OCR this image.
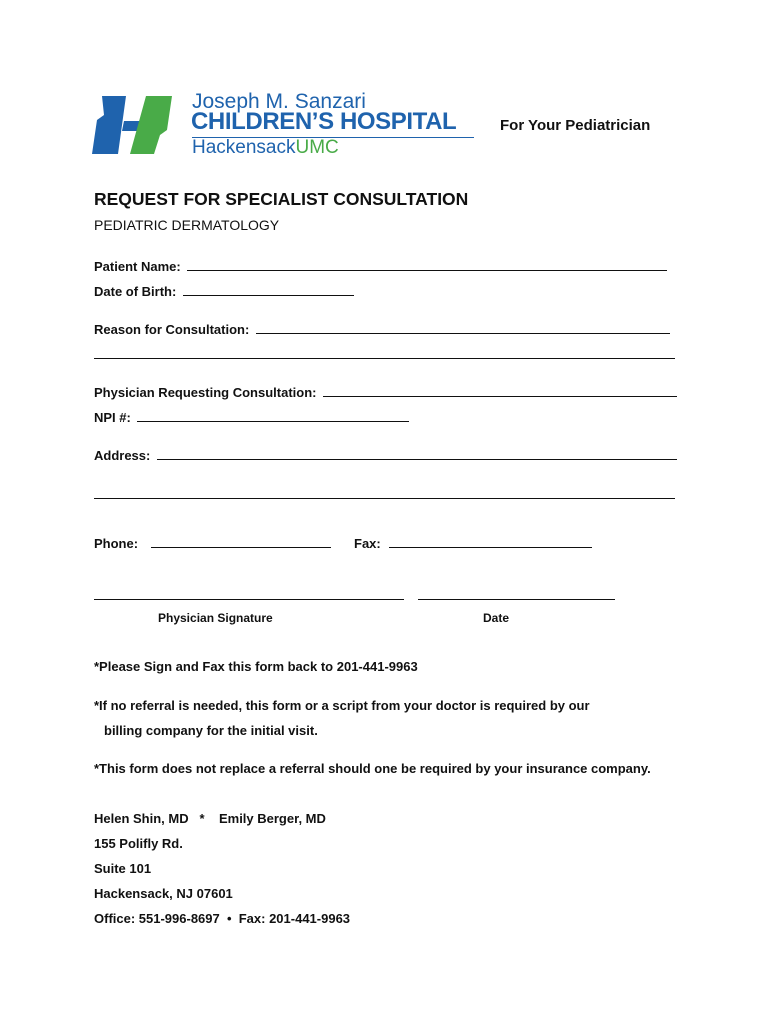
Joseph M. Sanzari
CHILDREN’S HOSPITAL
HackensackUMC
For Your Pediatrician
REQUEST FOR SPECIALIST CONSULTATION
PEDIATRIC DERMATOLOGY
Patient Name:
Date of Birth:
Reason for Consultation:
Physician Requesting Consultation:
NPI #:
Address:
Phone:	Fax:
Physician Signature	Date
*Please Sign and Fax this form back to 201-441-9963
*If no referral is needed, this form or a script from your doctor is required by our
billing company for the initial visit.
*This form does not replace a referral should one be required by your insurance company.
Helen Shin, MD   *    Emily Berger, MD
155 Polifly Rd.
Suite 101
Hackensack, NJ 07601
Office: 551-996-8697  •  Fax: 201-441-9963
